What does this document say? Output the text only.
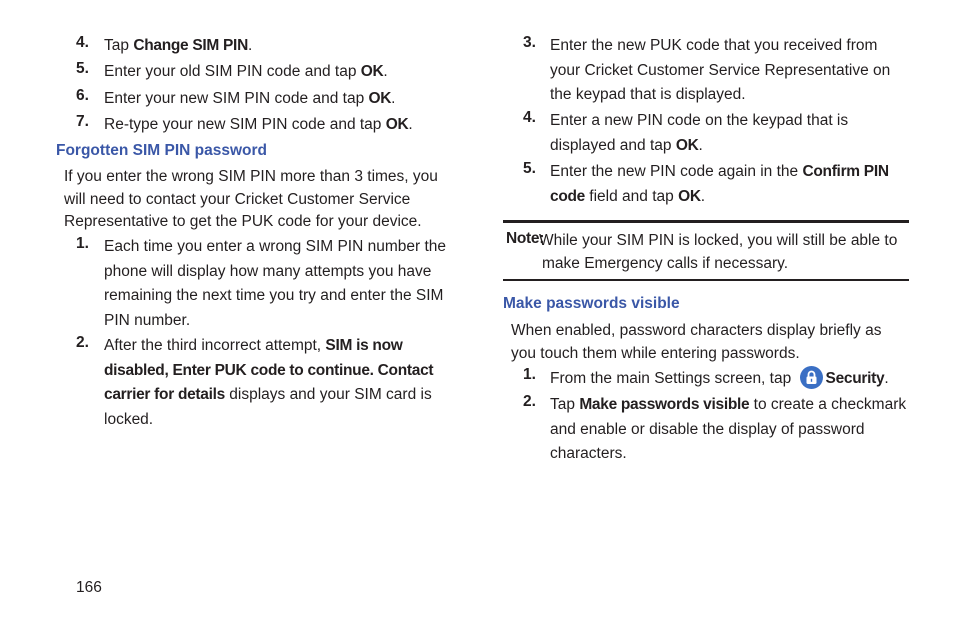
4. Tap Change SIM PIN.
5. Enter your old SIM PIN code and tap OK.
6. Enter your new SIM PIN code and tap OK.
7. Re-type your new SIM PIN code and tap OK.
Forgotten SIM PIN password
If you enter the wrong SIM PIN more than 3 times, you will need to contact your Cricket Customer Service Representative to get the PUK code for your device.
1. Each time you enter a wrong SIM PIN number the phone will display how many attempts you have remaining the next time you try and enter the SIM PIN number.
2. After the third incorrect attempt, SIM is now disabled, Enter PUK code to continue. Contact carrier for details displays and your SIM card is locked.
3. Enter the new PUK code that you received from your Cricket Customer Service Representative on the keypad that is displayed.
4. Enter a new PIN code on the keypad that is displayed and tap OK.
5. Enter the new PIN code again in the Confirm PIN code field and tap OK.
Note:
While your SIM PIN is locked, you will still be able to make Emergency calls if necessary.
Make passwords visible
When enabled, password characters display briefly as you touch them while entering passwords.
1. From the main Settings screen, tap
Security.
2. Tap Make passwords visible to create a checkmark and enable or disable the display of password characters.
166
